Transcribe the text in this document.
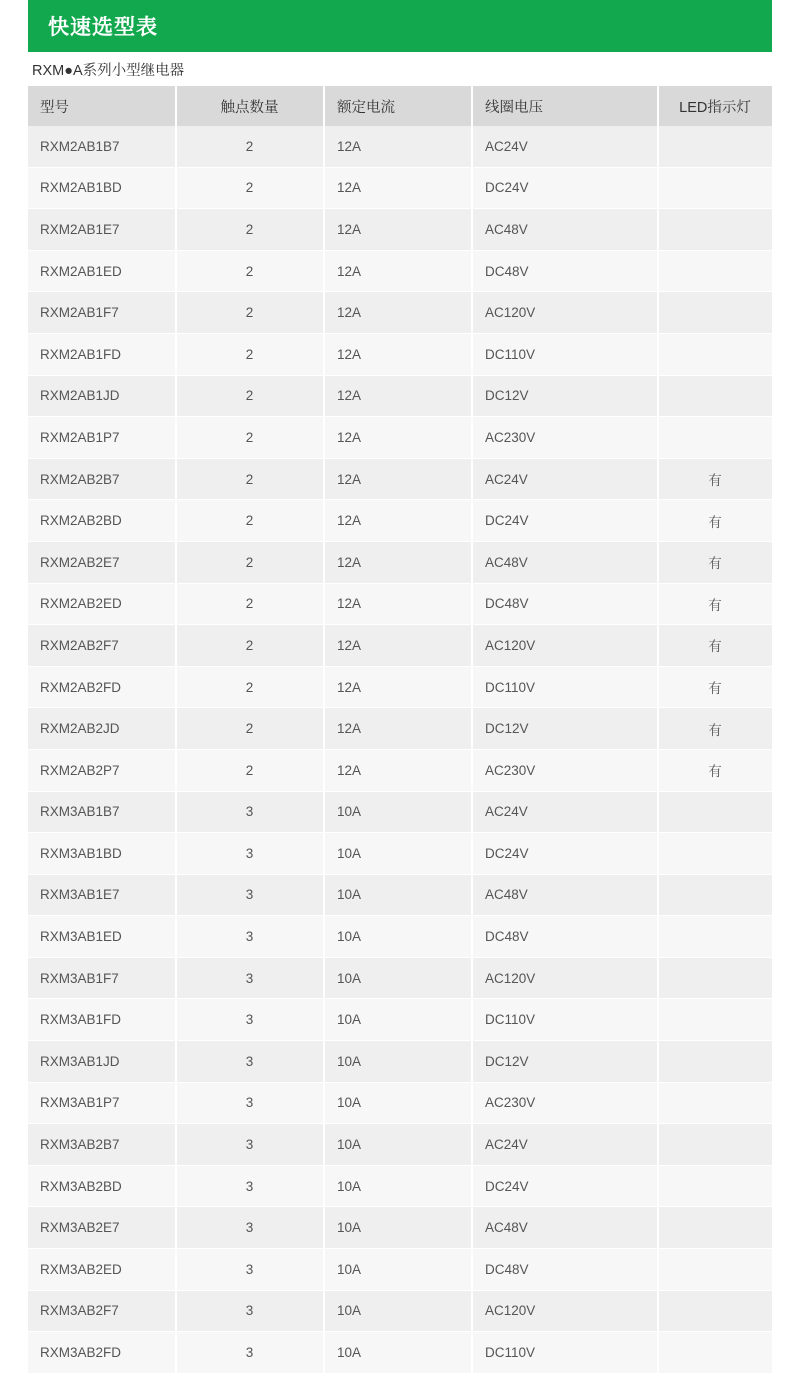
快速选型表
RXM●A系列小型继电器
型号	触点数量	额定电流	线圈电压	LED指示灯
RXM2AB1B7	2	12A	AC24V	
RXM2AB1BD	2	12A	DC24V	
RXM2AB1E7	2	12A	AC48V	
RXM2AB1ED	2	12A	DC48V	
RXM2AB1F7	2	12A	AC120V	
RXM2AB1FD	2	12A	DC110V	
RXM2AB1JD	2	12A	DC12V	
RXM2AB1P7	2	12A	AC230V	
RXM2AB2B7	2	12A	AC24V	有
RXM2AB2BD	2	12A	DC24V	有
RXM2AB2E7	2	12A	AC48V	有
RXM2AB2ED	2	12A	DC48V	有
RXM2AB2F7	2	12A	AC120V	有
RXM2AB2FD	2	12A	DC110V	有
RXM2AB2JD	2	12A	DC12V	有
RXM2AB2P7	2	12A	AC230V	有
RXM3AB1B7	3	10A	AC24V	
RXM3AB1BD	3	10A	DC24V	
RXM3AB1E7	3	10A	AC48V	
RXM3AB1ED	3	10A	DC48V	
RXM3AB1F7	3	10A	AC120V	
RXM3AB1FD	3	10A	DC110V	
RXM3AB1JD	3	10A	DC12V	
RXM3AB1P7	3	10A	AC230V	
RXM3AB2B7	3	10A	AC24V	
RXM3AB2BD	3	10A	DC24V	
RXM3AB2E7	3	10A	AC48V	
RXM3AB2ED	3	10A	DC48V	
RXM3AB2F7	3	10A	AC120V	
RXM3AB2FD	3	10A	DC110V	
